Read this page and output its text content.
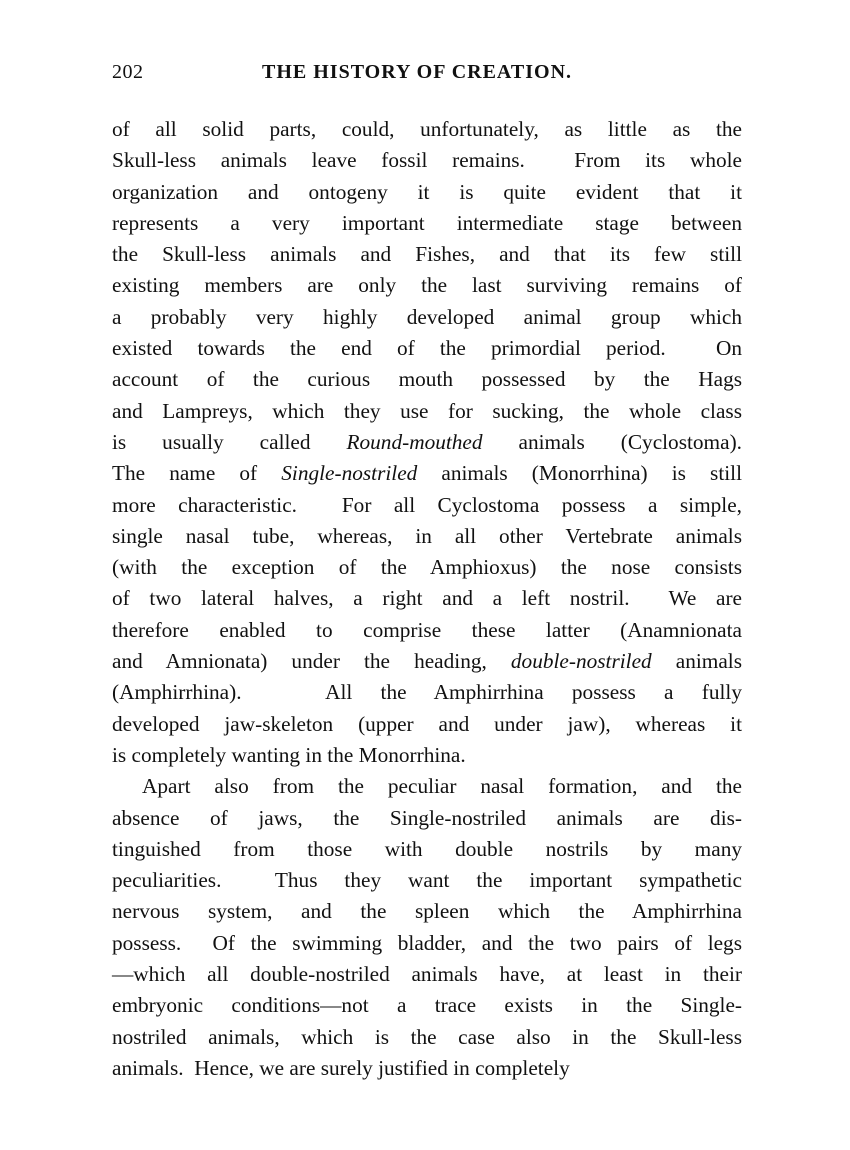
202	THE HISTORY OF CREATION.
of all solid parts, could, unfortunately, as little as the
Skull-less animals leave fossil remains.  From its whole
organization and ontogeny it is quite evident that it
represents a very important intermediate stage between
the Skull-less animals and Fishes, and that its few still
existing members are only the last surviving remains of
a probably very highly developed animal group which
existed towards the end of the primordial period.  On
account of the curious mouth possessed by the Hags
and Lampreys, which they use for sucking, the whole class
is usually called Round-mouthed animals (Cyclostoma).
The name of Single-nostriled animals (Monorrhina) is still
more characteristic.  For all Cyclostoma possess a simple,
single nasal tube, whereas, in all other Vertebrate animals
(with the exception of the Amphioxus) the nose consists
of two lateral halves, a right and a left nostril.  We are
therefore enabled to comprise these latter (Anamnionata
and Amnionata) under the heading, double-nostriled animals
(Amphirrhina).   All the Amphirrhina possess a fully
developed jaw-skeleton (upper and under jaw), whereas it
is completely wanting in the Monorrhina.
Apart also from the peculiar nasal formation, and the
absence of jaws, the Single-nostriled animals are dis-
tinguished from those with double nostrils by many
peculiarities.  Thus they want the important sympathetic
nervous system, and the spleen which the Amphirrhina
possess.  Of the swimming bladder, and the two pairs of legs
—which all double-nostriled animals have, at least in their
embryonic conditions—not a trace exists in the Single-
nostriled animals, which is the case also in the Skull-less
animals.  Hence, we are surely justified in completely
